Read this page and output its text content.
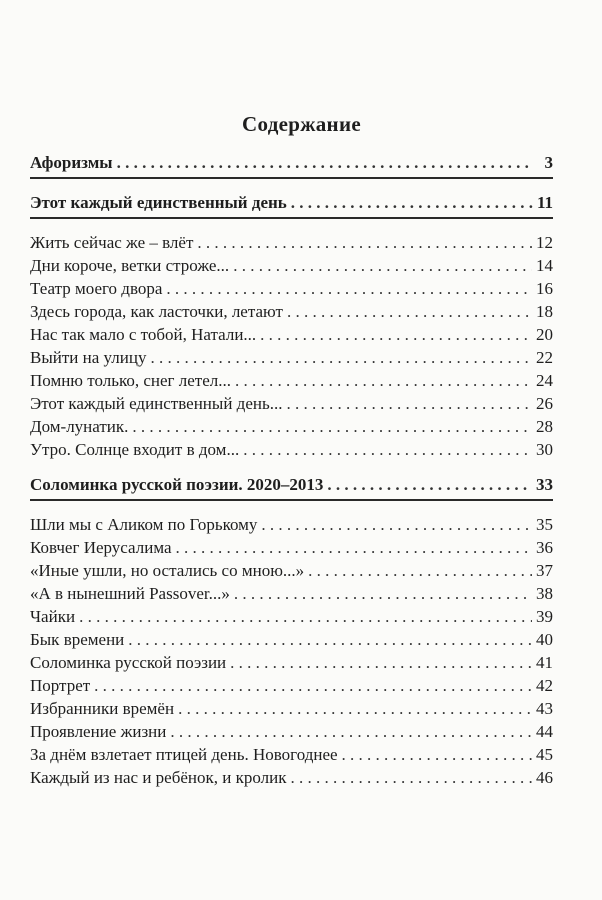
Содержание
Афоризмы . . .	3
Этот каждый единственный день . . .	11
Жить сейчас же – влёт . . .	12
Дни короче, ветки строже... . . .	14
Театр моего двора . . .	16
Здесь города, как ласточки, летают . . .	18
Нас так мало с тобой, Натали... . . .	20
Выйти на улицу . . .	22
Помню только, снег летел... . . .	24
Этот каждый единственный день... . . .	26
Дом-лунатик. . . .	28
Утро. Солнце входит в дом... . . .	30
Соломинка русской поэзии. 2020–2013 . . .	33
Шли мы с Аликом по Горькому . . .	35
Ковчег Иерусалима . . .	36
«Иные ушли, но остались со мною...» . . .	37
«А в нынешний Passover...» . . .	38
Чайки . . .	39
Бык времени . . .	40
Соломинка русской поэзии . . .	41
Портрет . . .	42
Избранники времён . . .	43
Проявление жизни . . .	44
За днём взлетает птицей день. Новогоднее . . .	45
Каждый из нас и ребёнок, и кролик . . .	46
